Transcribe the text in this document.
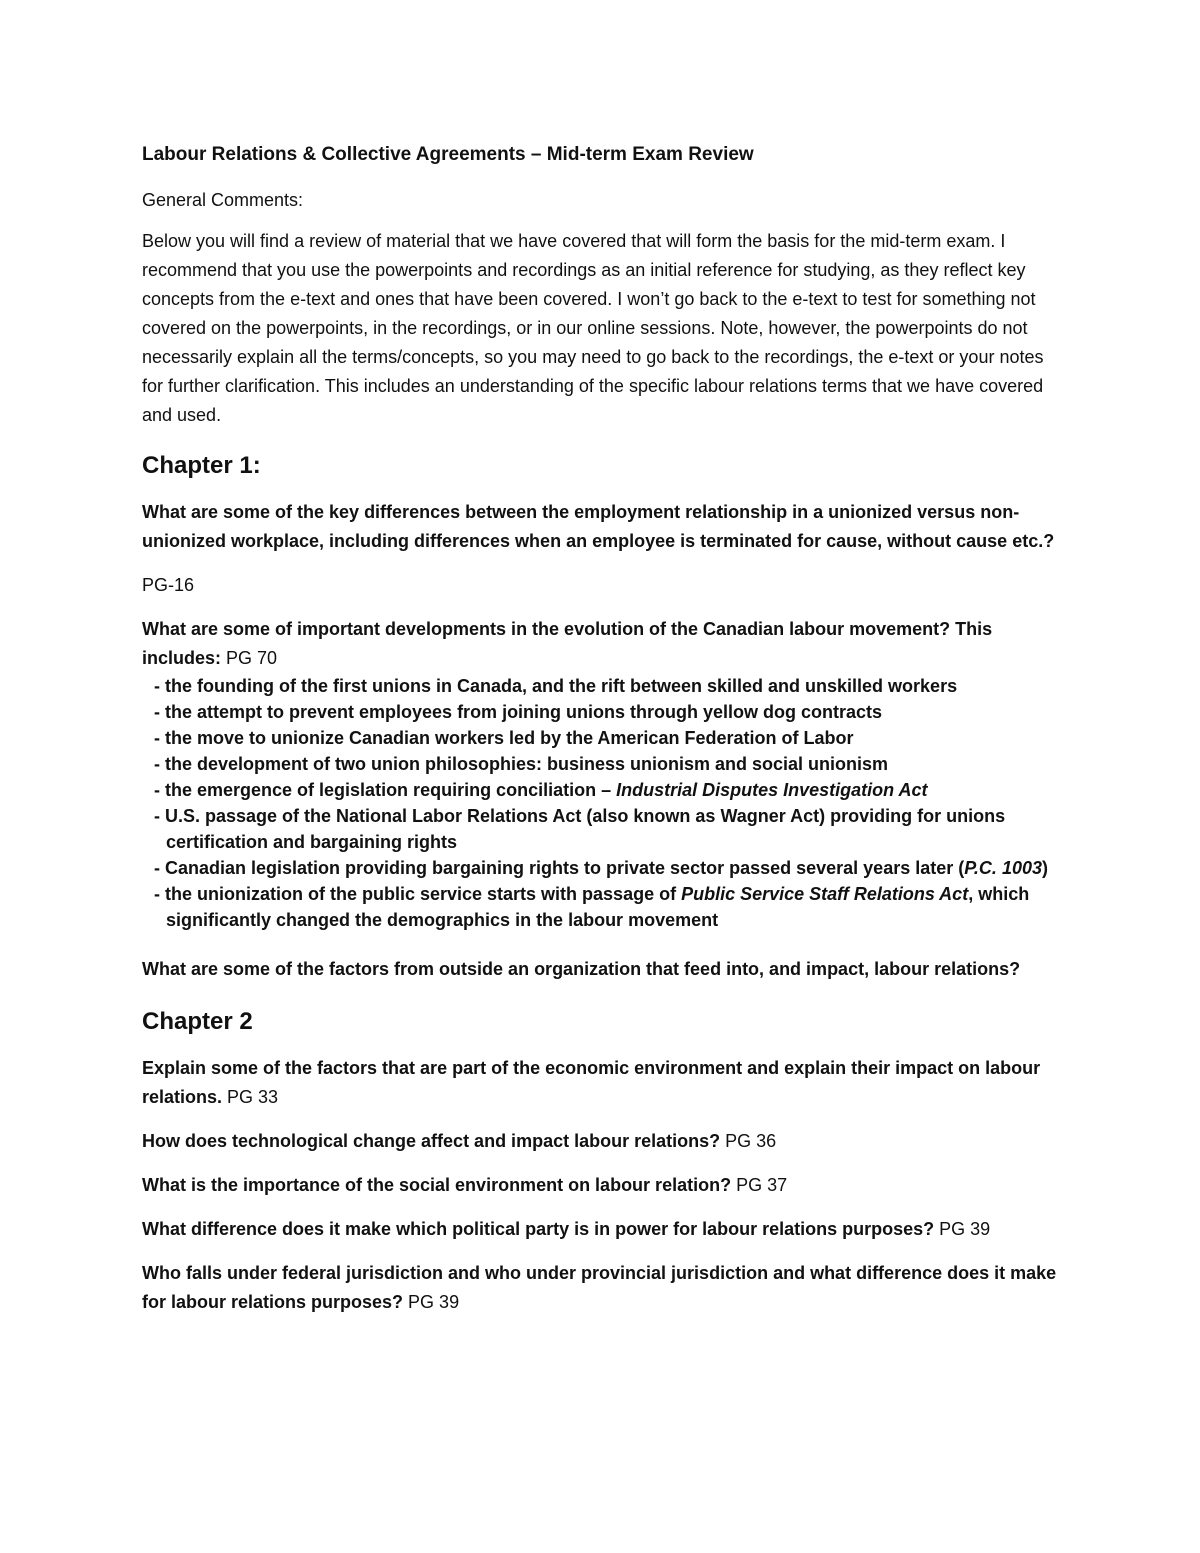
Labour Relations & Collective Agreements – Mid-term Exam Review
General Comments:
Below you will find a review of material that we have covered that will form the basis for the mid-term exam. I recommend that you use the powerpoints and recordings as an initial reference for studying, as they reflect key concepts from the e-text and ones that have been covered. I won’t go back to the e-text to test for something not covered on the powerpoints, in the recordings, or in our online sessions. Note, however, the powerpoints do not necessarily explain all the terms/concepts, so you may need to go back to the recordings, the e-text or your notes for further clarification. This includes an understanding of the specific labour relations terms that we have covered and used.
Chapter 1:
What are some of the key differences between the employment relationship in a unionized versus non-unionized workplace, including differences when an employee is terminated for cause, without cause etc.?
PG-16
What are some of important developments in the evolution of the Canadian labour movement? This includes: PG 70
- the founding of the first unions in Canada, and the rift between skilled and unskilled workers
- the attempt to prevent employees from joining unions through yellow dog contracts
- the move to unionize Canadian workers led by the American Federation of Labor
- the development of two union philosophies: business unionism and social unionism
- the emergence of legislation requiring conciliation – Industrial Disputes Investigation Act
- U.S. passage of the National Labor Relations Act (also known as Wagner Act) providing for unions certification and bargaining rights
- Canadian legislation providing bargaining rights to private sector passed several years later (P.C. 1003)
- the unionization of the public service starts with passage of Public Service Staff Relations Act, which significantly changed the demographics in the labour movement
What are some of the factors from outside an organization that feed into, and impact, labour relations?
Chapter 2
Explain some of the factors that are part of the economic environment and explain their impact on labour relations. PG 33
How does technological change affect and impact labour relations? PG 36
What is the importance of the social environment on labour relation? PG 37
What difference does it make which political party is in power for labour relations purposes? PG 39
Who falls under federal jurisdiction and who under provincial jurisdiction and what difference does it make for labour relations purposes? PG 39
